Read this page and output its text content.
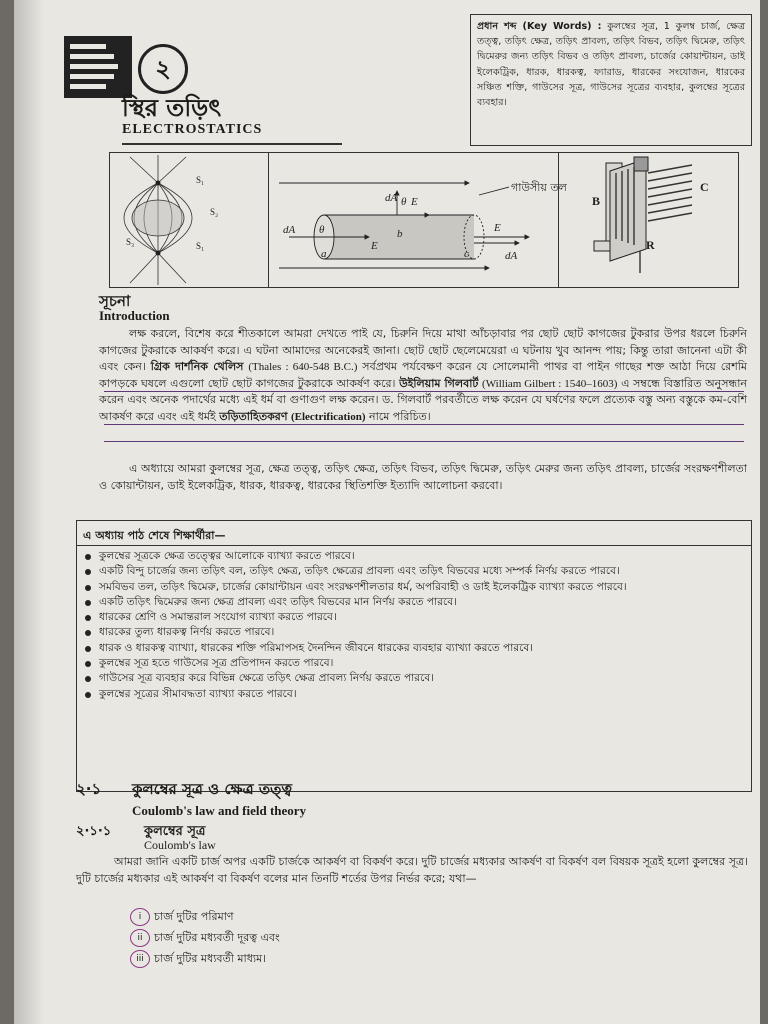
২
স্থির তড়িৎ
ELECTROSTATICS
প্রধান শব্দ (Key Words) : কুলম্বের সূত্র, 1 কুলম্ব চার্জ, ক্ষেত্র তত্ত্ব, তড়িৎ ক্ষেত্র, তড়িৎ প্রাবল্য, তড়িৎ বিভব, তড়িৎ দ্বিমেরু, তড়িৎ দ্বিমেরুর জন্য তড়িৎ বিভব ও তড়িৎ প্রাবল্য, চার্জের কোয়ান্টায়ন, ডাই ইলেকট্রিক, ধারক, ধারকত্ব, ফ্যারাড, ধারকের সংযোজন, ধারকের সঞ্চিত শক্তি, গাউসের সূত্র, গাউসের সূত্রের ব্যবহার, কুলম্বের সূত্রের ব্যবহার।
S₁
S₂
S₃	S₁
dA θ E
dA θ
E
a
b
c
E
dA
গাউসীয় তল
B
C
R
সূচনা
Introduction
লক্ষ করলে, বিশেষ করে শীতকালে আমরা দেখতে পাই যে, চিরুনি দিয়ে মাথা আঁচড়াবার পর ছোট ছোট কাগজের টুকরার উপর ধরলে চিরুনি কাগজের টুকরাকে আকর্ষণ করে। এ ঘটনা আমাদের অনেকেরই জানা। ছোট ছোট ছেলেমেয়েরা এ ঘটনায় খুব আনন্দ পায়; কিন্তু তারা জানেনা এটা কী এবং কেন। গ্রিক দার্শনিক থেলিস (Thales : 640-548 B.C.) সর্বপ্রথম পর্যবেক্ষণ করেন যে সোলেমানী পাথর বা পাইন গাছের শক্ত আঠা দিয়ে রেশমি কাপড়কে ঘষলে এগুলো ছোট ছোট কাগজের টুকরাকে আকর্ষণ করে। উইলিয়াম গিলবার্ট (William Gilbert : 1540–1603) এ সম্বন্ধে বিস্তারিত অনুসন্ধান করেন এবং অনেক পদার্থের মধ্যে এই ধর্ম বা গুণাগুণ লক্ষ করেন। ড. গিলবার্ট পরবর্তীতে লক্ষ করেন যে ঘর্ষণের ফলে প্রত্যেক বস্তু অন্য বস্তুকে কম-বেশি আকর্ষণ করে এবং এই ধর্মই তড়িতাহিতকরণ (Electrification) নামে পরিচিত।
এ অধ্যায়ে আমরা কুলম্বের সূত্র, ক্ষেত্র তত্ত্ব, তড়িৎ ক্ষেত্র, তড়িৎ বিভব, তড়িৎ দ্বিমেরু, তড়িৎ মেরুর জন্য তড়িৎ প্রাবল্য, চার্জের সংরক্ষণশীলতা ও কোয়ান্টায়ন, ডাই ইলেকট্রিক, ধারক, ধারকত্ব, ধারকের স্থিতিশক্তি ইত্যাদি আলোচনা করবো।
এ অধ্যায় পাঠ শেষে শিক্ষার্থীরা—
কুলম্বের সূত্রকে ক্ষেত্র তত্ত্বের আলোকে ব্যাখ্যা করতে পারবে।
একটি বিন্দু চার্জের জন্য তড়িৎ বল, তড়িৎ ক্ষেত্র, তড়িৎ ক্ষেত্রের প্রাবল্য এবং তড়িৎ বিভবের মধ্যে সম্পর্ক নির্ণয় করতে পারবে।
সমবিভব তল, তড়িৎ দ্বিমেরু, চার্জের কোয়ান্টায়ন এবং সংরক্ষণশীলতার ধর্ম, অপরিবাহী ও ডাই ইলেকট্রিক ব্যাখ্যা করতে পারবে।
একটি তড়িৎ দ্বিমেরুর জন্য ক্ষেত্র প্রাবল্য এবং তড়িৎ বিভবের মান নির্ণয় করতে পারবে।
ধারকের শ্রেণি ও সমান্তরাল সংযোগ ব্যাখ্যা করতে পারবে।
ধারকের তুল্য ধারকত্ব নির্ণয় করতে পারবে।
ধারক ও ধারকত্ব ব্যাখ্যা, ধারকের শক্তি পরিমাপসহ দৈনন্দিন জীবনে ধারকের ব্যবহার ব্যাখ্যা করতে পারবে।
কুলম্বের সূত্র হতে গাউসের সূত্র প্রতিপাদন করতে পারবে।
গাউসের সূত্র ব্যবহার করে বিভিন্ন ক্ষেত্রে তড়িৎ ক্ষেত্র প্রাবল্য নির্ণয় করতে পারবে।
কুলম্বের সূত্রের সীমাবদ্ধতা ব্যাখ্যা করতে পারবে।
২·১ কুলম্বের সূত্র ও ক্ষেত্র তত্ত্ব
Coulomb's law and field theory
২·১·১	কুলম্বের সূত্র
Coulomb's law
আমরা জানি একটি চার্জ অপর একটি চার্জকে আকর্ষণ বা বিকর্ষণ করে। দুটি চার্জের মধ্যকার আকর্ষণ বা বিকর্ষণ বল বিষয়ক সূত্রই হলো কুলম্বের সূত্র। দুটি চার্জের মধ্যকার এই আকর্ষণ বা বিকর্ষণ বলের মান তিনটি শর্তের উপর নির্ভর করে; যথা—
i	চার্জ দুটির পরিমাণ
ii	চার্জ দুটির মধ্যবর্তী দূরত্ব এবং
iii চার্জ দুটির মধ্যবর্তী মাধ্যম।
